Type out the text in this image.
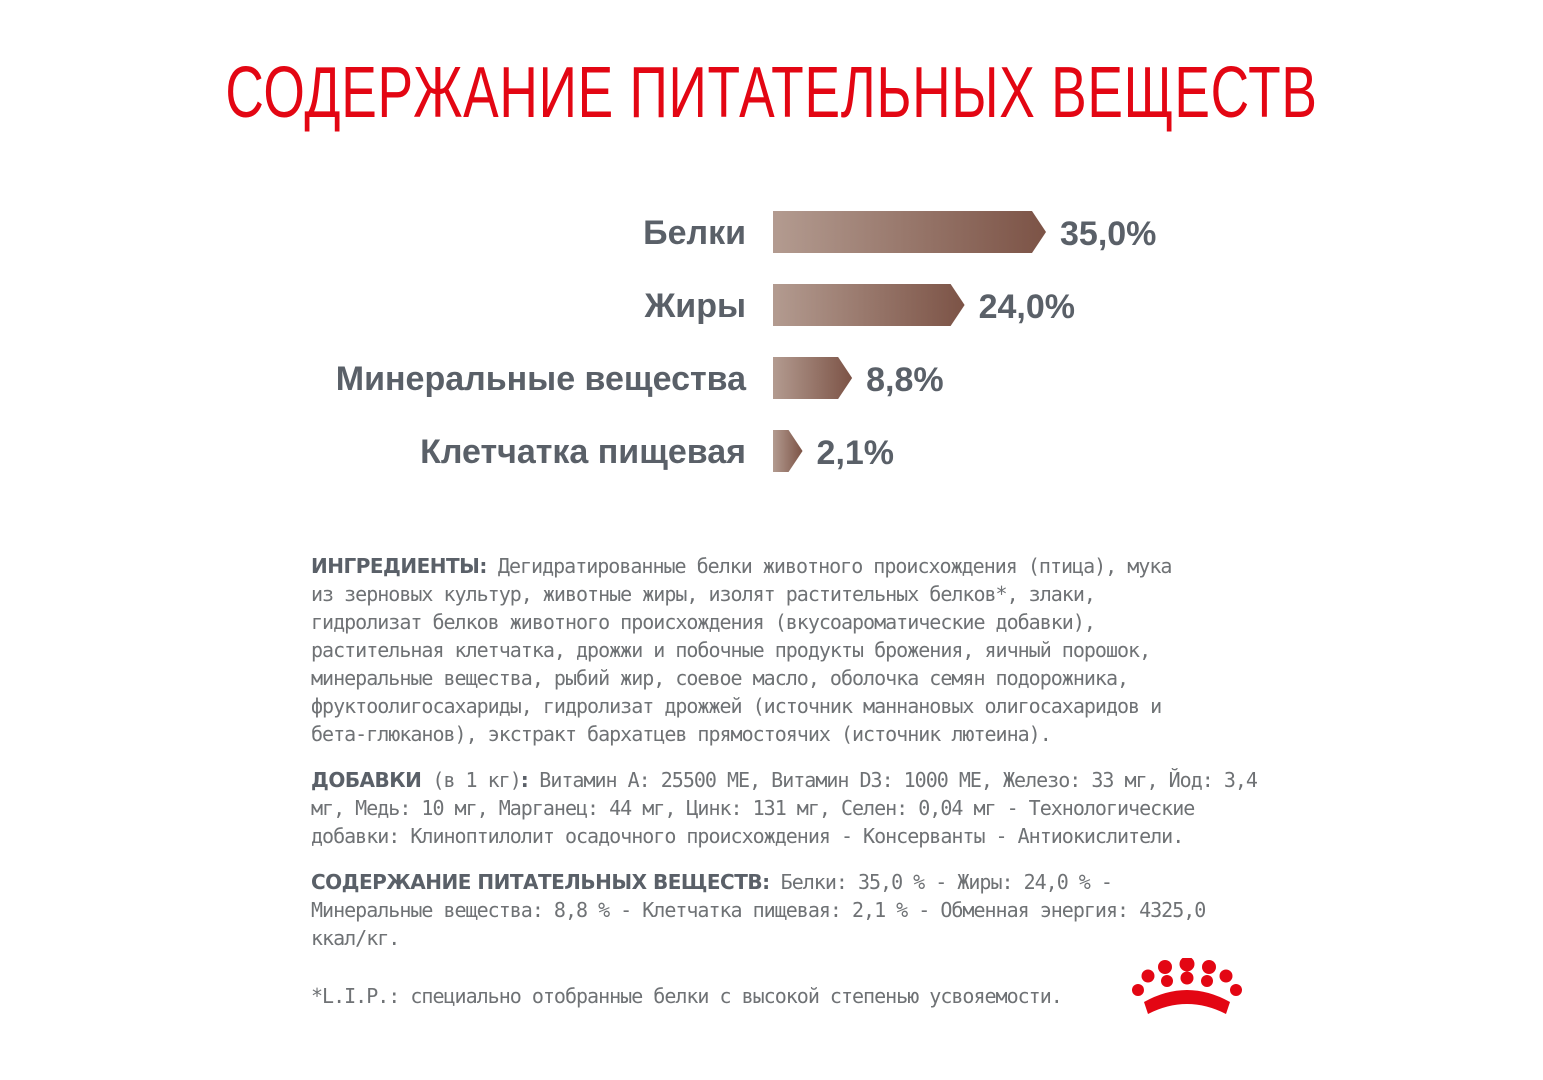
СОДЕРЖАНИЕ ПИТАТЕЛЬНЫХ ВЕЩЕСТВ
Белки	35,0%
Жиры	24,0%
Минеральные вещества	8,8%
Клетчатка пищевая 2,1%
ИНГРЕДИЕНТЫ: Дегидратированные белки животного происхождения (птица), мука
из зерновых культур, животные жиры, изолят растительных белков*, злаки,
гидролизат белков животного происхождения (вкусоароматические добавки),
растительная клетчатка, дрожжи и побочные продукты брожения, яичный порошок,
минеральные вещества, рыбий жир, соевое масло, оболочка семян подорожника,
фруктоолигосахариды, гидролизат дрожжей (источник маннановых олигосахаридов и
бета-глюканов), экстракт бархатцев прямостоячих (источник лютеина).
ДОБАВКИ (в 1 кг): Витамин А: 25500 МЕ, Витамин D3: 1000 МЕ, Железо: 33 мг, Йод: 3,4
мг, Медь: 10 мг, Марганец: 44 мг, Цинк: 131 мг, Селен: 0,04 мг - Технологические
добавки: Клиноптилолит осадочного происхождения - Консерванты - Антиокислители.
СОДЕРЖАНИЕ ПИТАТЕЛЬНЫХ ВЕЩЕСТВ: Белки: 35,0 % - Жиры: 24,0 % -
Минеральные вещества: 8,8 % - Клетчатка пищевая: 2,1 % - Обменная энергия: 4325,0
ккал/кг.
*L.I.P.: специально отобранные белки с высокой степенью усвояемости.
